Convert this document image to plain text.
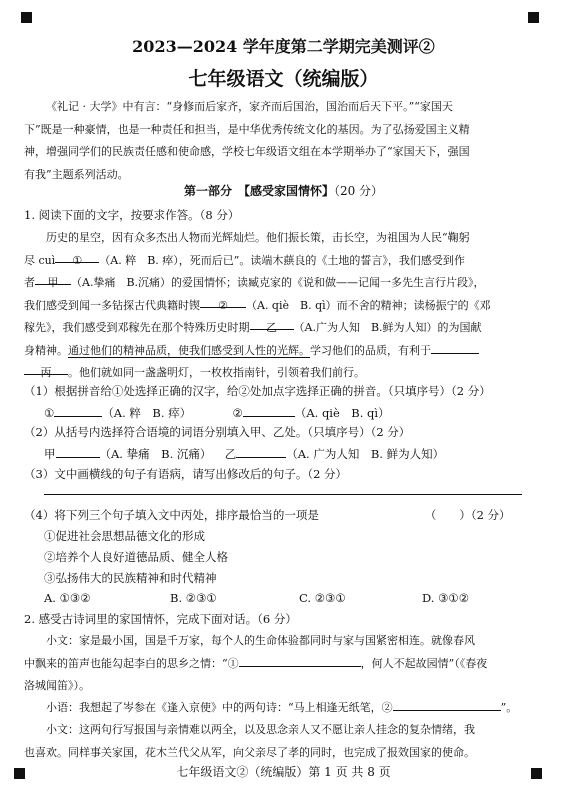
2023—2024 学年度第二学期完美测评②
七年级语文（统编版）
《礼记 · 大学》中有言：“身修而后家齐，家齐而后国治，国治而后天下平。”“家国天
下”既是一种豪情，也是一种责任和担当，是中华优秀传统文化的基因。为了弘扬爱国主义精
神，增强同学们的民族责任感和使命感，学校七年级语文组在本学期举办了“家国天下，强国
有我”主题系列活动。
第一部分　【感受家国情怀】（20 分）
1. 阅读下面的文字，按要求作答。（8 分）
历史的星空，因有众多杰出人物而光辉灿烂。他们振长策，击长空，为祖国为人民“鞠躬
尽 cuì ① （A. 粹　B. 瘁），死而后已”。读端木蕻良的《土地的誓言》，我们感受到作
者 甲 （A.挚痛　B.沉痛）的爱国情怀；读臧克家的《说和做——记闻一多先生言行片段》，
我们感受到闻一多钻探古代典籍时锲 ② （A. qiè　B. qì）而不舍的精神；读杨振宁的《邓
稼先》，我们感受到邓稼先在那个特殊历史时期 乙 （A.广为人知　B.鲜为人知）的为国献
身精神。通过他们的精神品质，使我们感受到人性的光辉。学习他们的品质，有利于
丙 。他们就如同一盏盏明灯，一枚枚指南针，引领着我们前行。
（1）根据拼音给①处选择正确的汉字，给②处加点字选择正确的拼音。（只填序号）（2 分）
①	（A. 粹　B. 瘁）	②	（A. qiè　B. qì）
（2）从括号内选择符合语境的词语分别填入甲、乙处。（只填序号）（2 分）
甲	（A. 挚痛　B. 沉痛） 乙	（A. 广为人知　B. 鲜为人知）
（3）文中画横线的句子有语病，请写出修改后的句子。（2 分）
（4）将下列三个句子填入文中丙处，排序最恰当的一项是	（　　）（2 分）
①促进社会思想品德文化的形成
②培养个人良好道德品质、健全人格
③弘扬伟大的民族精神和时代精神
A. ①③②	B. ②③①	C. ②③①	D. ③①②
2. 感受古诗词里的家国情怀，完成下面对话。（6 分）
小文：家是最小国，国是千万家，每个人的生命体验都同时与家与国紧密相连。就像春风
中飘来的笛声也能勾起李白的思乡之情：“①	，何人不起故园情”（《春夜
洛城闻笛》）。
小语：我想起了岑参在《逢入京使》中的两句诗：“马上相逢无纸笔，②	”。
小文：这两句行写报国与亲情难以两全，以及思念亲人又不愿让亲人挂念的复杂情绪，我
也喜欢。同样事关家国，花木兰代父从军，向父亲尽了孝的同时，也完成了报效国家的使命。
七年级语文②（统编版）第 1 页 共 8 页
